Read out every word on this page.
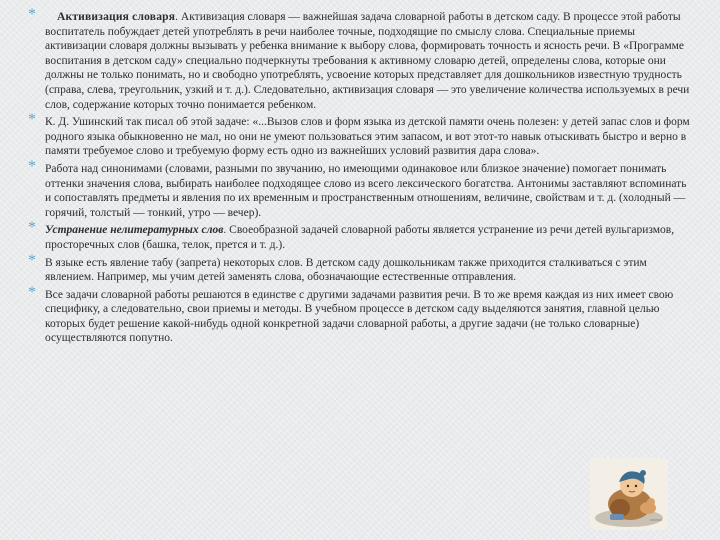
* Активизация словаря. Активизация словаря — важнейшая задача словарной работы в детском саду. В процессе этой работы воспитатель побуждает детей употреблять в речи наиболее точные, подходящие по смыслу слова. Специальные приемы активизации словаря должны вызывать у ребенка внимание к выбору слова, формировать точность и ясность речи. В «Программе воспитания в детском саду» специально подчеркнуты требования к активному словарю детей, определены слова, которые они должны не только понимать, но и свободно употреблять, усвоение которых представляет для дошкольников известную трудность (справа, слева, треугольник, узкий и т. д.). Следовательно, активизация словаря — это увеличение количества используемых в речи слов, содержание которых точно понимается ребенком.
* К. Д. Ушинский так писал об этой задаче: «...Вызов слов и форм языка из детской памяти очень полезен: у детей запас слов и форм родного языка обыкновенно не мал, но они не умеют пользоваться этим запасом, и вот этот-то навык отыскивать быстро и верно в памяти требуемое слово и требуемую форму есть одно из важнейших условий развития дара слова».
* Работа над синонимами (словами, разными по звучанию, но имеющими одинаковое или близкое значение) помогает понимать оттенки значения слова, выбирать наиболее подходящее слово из всего лексического богатства. Антонимы заставляют вспоминать и сопоставлять предметы и явления по их временным и пространственным отношениям, величине, свойствам и т. д. (холодный — горячий, толстый — тонкий, утро — вечер).
* Устранение нелитературных слов. Своеобразной задачей словарной работы является устранение из речи детей вульгаризмов, просторечных слов (башка, телок, прется и т. д.).
* В языке есть явление табу (запрета) некоторых слов. В детском саду дошкольникам также приходится сталкиваться с этим явлением. Например, мы учим детей заменять слова, обозначающие естественные отправления.
* Все задачи словарной работы решаются в единстве с другими задачами развития речи. В то же время каждая из них имеет свою специфику, а следовательно, свои приемы и методы. В учебном процессе в детском саду выделяются занятия, главной целью которых будет решение какой-нибудь одной конкретной задачи словарной работы, а другие задачи (не только словарные) осуществляются попутно.
